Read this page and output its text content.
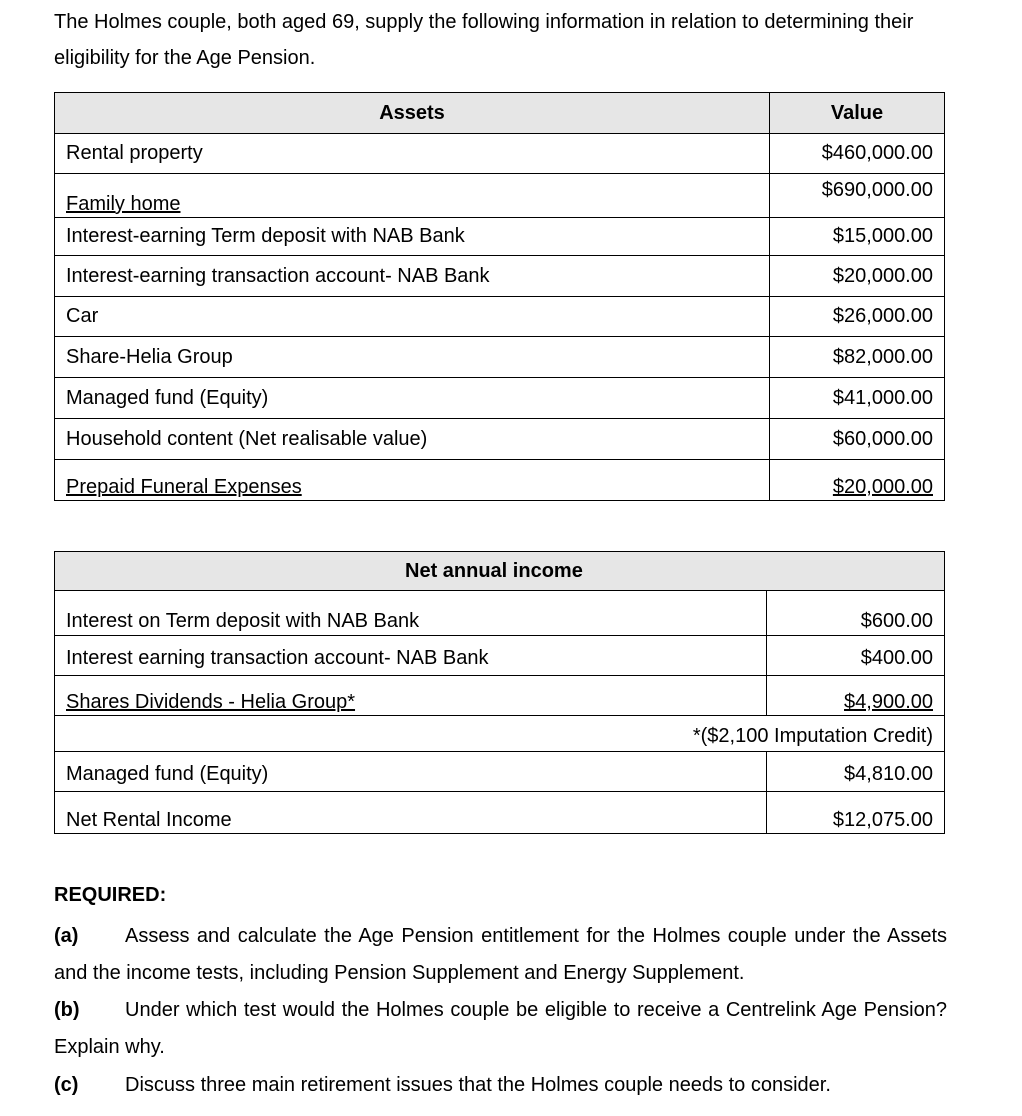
The Holmes couple, both aged 69, supply the following information in relation to determining their eligibility for the Age Pension.
Assets	Value
Rental property	$460,000.00
Family home	$690,000.00
Interest-earning Term deposit with NAB Bank	$15,000.00
Interest-earning transaction account- NAB Bank	$20,000.00
Car	$26,000.00
Share-Helia Group	$82,000.00
Managed fund (Equity)	$41,000.00
Household content (Net realisable value)	$60,000.00
Prepaid Funeral Expenses	$20,000.00
Net annual income	
Interest on Term deposit with NAB Bank	$600.00
Interest earning transaction account- NAB Bank	$400.00
Shares Dividends - Helia Group*	$4,900.00
*($2,100 Imputation Credit)	
Managed fund (Equity)	$4,810.00
Net Rental Income	$12,075.00
REQUIRED:
(a) Assess and calculate the Age Pension entitlement for the Holmes couple under the Assets and the income tests, including Pension Supplement and Energy Supplement.
(b) Under which test would the Holmes couple be eligible to receive a Centrelink Age Pension? Explain why.
(c) Discuss three main retirement issues that the Holmes couple needs to consider.
